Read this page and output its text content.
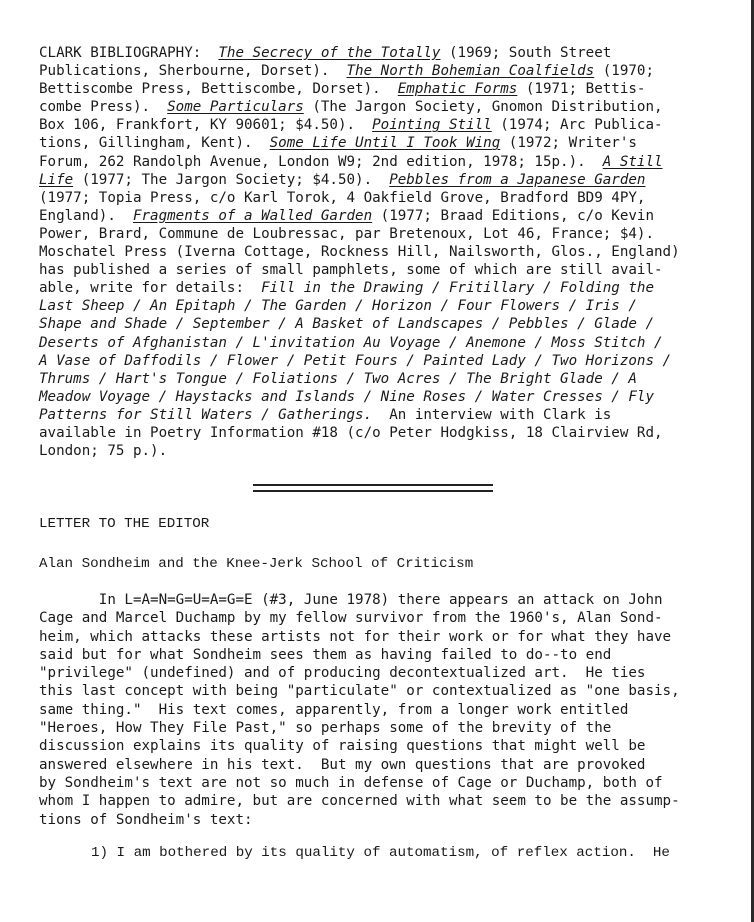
CLARK BIBLIOGRAPHY:  The Secrecy of the Totally (1969; South Street
Publications, Sherbourne, Dorset).  The North Bohemian Coalfields (1970;
Bettiscombe Press, Bettiscombe, Dorset).  Emphatic Forms (1971; Bettis-
combe Press).  Some Particulars (The Jargon Society, Gnomon Distribution,
Box 106, Frankfort, KY 90601; $4.50).  Pointing Still (1974; Arc Publica-
tions, Gillingham, Kent).  Some Life Until I Took Wing (1972; Writer's
Forum, 262 Randolph Avenue, London W9; 2nd edition, 1978; 15p.).  A Still
Life (1977; The Jargon Society; $4.50).  Pebbles from a Japanese Garden
(1977; Topia Press, c/o Karl Torok, 4 Oakfield Grove, Bradford BD9 4PY,
England).  Fragments of a Walled Garden (1977; Braad Editions, c/o Kevin
Power, Brard, Commune de Loubressac, par Bretenoux, Lot 46, France; $4).
Moschatel Press (Iverna Cottage, Rockness Hill, Nailsworth, Glos., England)
has published a series of small pamphlets, some of which are still avail-
able, write for details:  Fill in the Drawing / Fritillary / Folding the
Last Sheep / An Epitaph / The Garden / Horizon / Four Flowers / Iris /
Shape and Shade / September / A Basket of Landscapes / Pebbles / Glade /
Deserts of Afghanistan / L'invitation Au Voyage / Anemone / Moss Stitch /
A Vase of Daffodils / Flower / Petit Fours / Painted Lady / Two Horizons /
Thrums / Hart's Tongue / Foliations / Two Acres / The Bright Glade / A
Meadow Voyage / Haystacks and Islands / Nine Roses / Water Cresses / Fly
Patterns for Still Waters / Gatherings.  An interview with Clark is
available in Poetry Information #18 (c/o Peter Hodgkiss, 18 Clairview Rd,
London; 75 p.).
LETTER TO THE EDITOR
Alan Sondheim and the Knee-Jerk School of Criticism
In L=A=N=G=U=A=G=E (#3, June 1978) there appears an attack on John
Cage and Marcel Duchamp by my fellow survivor from the 1960's, Alan Sond-
heim, which attacks these artists not for their work or for what they have
said but for what Sondheim sees them as having failed to do--to end
"privilege" (undefined) and of producing decontextualized art.  He ties
this last concept with being "particulate" or contextualized as "one basis,
same thing."  His text comes, apparently, from a longer work entitled
"Heroes, How They File Past," so perhaps some of the brevity of the
discussion explains its quality of raising questions that might well be
answered elsewhere in his text.  But my own questions that are provoked
by Sondheim's text are not so much in defense of Cage or Duchamp, both of
whom I happen to admire, but are concerned with what seem to be the assump-
tions of Sondheim's text:
1) I am bothered by its quality of automatism, of reflex action.  He
